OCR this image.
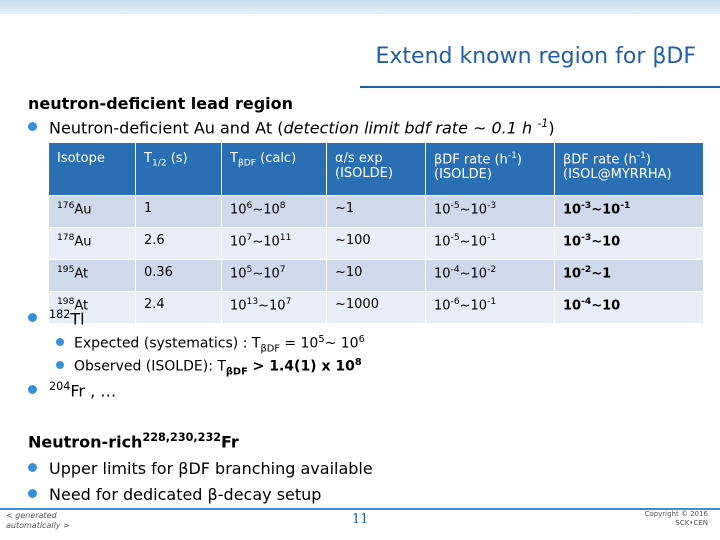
Extend known region for βDF
neutron-deficient lead region
Neutron-deficient Au and At (detection limit bdf rate ~ 0.1 h $^{-1}$)
Isotope	$T_{1/2}$ (s)	$T_{\beta DF}$ (calc)	α/s exp (ISOLDE)	βDF rate $(h^{-1})$ (ISOLDE)	βDF rate $(h^{-1})$ (ISOL@MYRRHA)
$^{176}$Au	1	$10^6\sim 10^8$	~1	$10^{-5}\sim 10^{-3}$	$10^{-3}\sim 10^{-1}$
$^{178}$Au	2.6	$10^7\sim 10^{11}$	~100	$10^{-5}\sim 10^{-1}$	$10^{-3}\sim 10$
$^{195}$At	0.36	$10^5\sim 10^7$	~10	$10^{-4}\sim 10^{-2}$	$10^{-2}\sim 1$
$^{198}$At	2.4	$10^{13}\sim 10^7$	~1000	$10^{-6}\sim 10^{-1}$	$10^{-4}\sim 10$
$^{182}$Tl
Expected (systematics) : $T_{\beta DF}$ = $10^5\sim$ $10^6$
Observed (ISOLDE): $T_{\beta DF} > 1.4(1)$ x $10^8$
$^{204}$Fr , …
Neutron-rich$^{228,230,232}$Fr
Upper limits for βDF branching available
Need for dedicated β-decay setup
< generated
automatically >	11	Copyright © 2016
SCK•CEN
